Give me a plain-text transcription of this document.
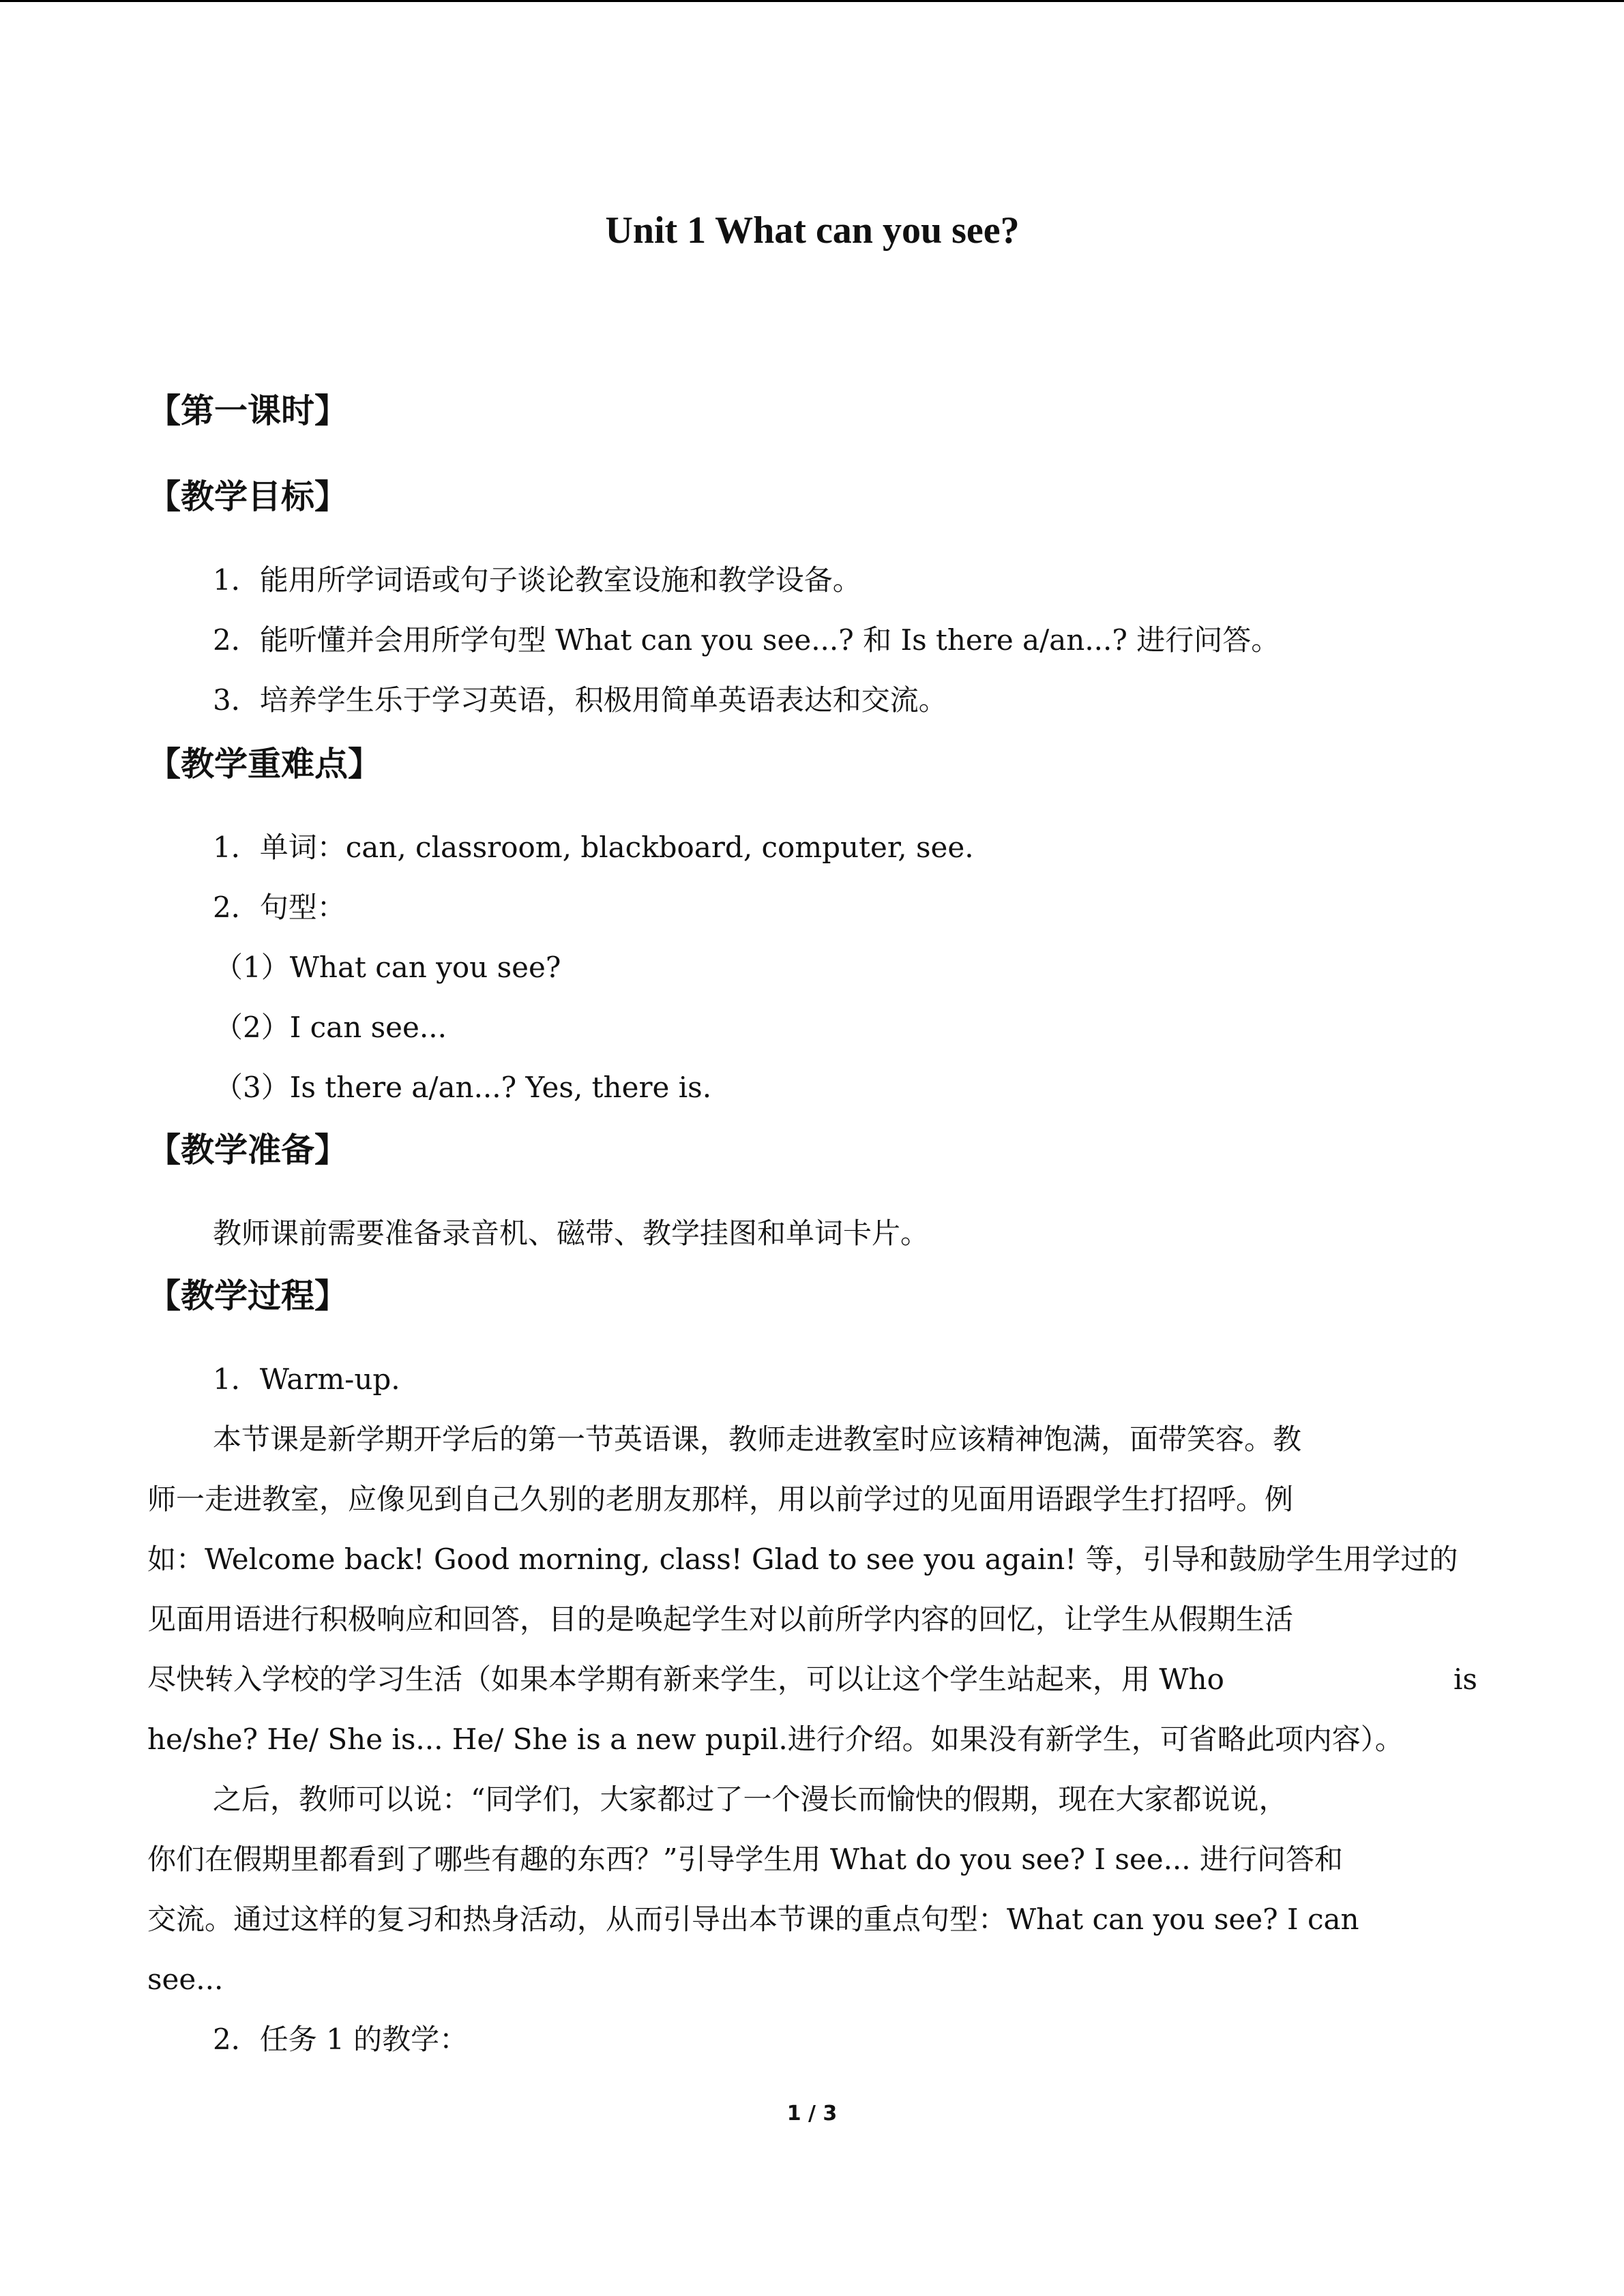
Unit 1 What can you see?
【第一课时】
【教学目标】
1．能用所学词语或句子谈论教室设施和教学设备。
2．能听懂并会用所学句型 What can you see...? 和 Is there a/an...? 进行问答。
3．培养学生乐于学习英语，积极用简单英语表达和交流。
【教学重难点】
1．单词：can, classroom, blackboard, computer, see.
2．句型：
（1）What can you see?
（2）I can see...
（3）Is there a/an...? Yes, there is.
【教学准备】
教师课前需要准备录音机、磁带、教学挂图和单词卡片。
【教学过程】
1．Warm-up.
本节课是新学期开学后的第一节英语课，教师走进教室时应该精神饱满，面带笑容。教
师一走进教室，应像见到自己久别的老朋友那样，用以前学过的见面用语跟学生打招呼。例
如：Welcome back! Good morning, class! Glad to see you again! 等，引导和鼓励学生用学过的
见面用语进行积极响应和回答，目的是唤起学生对以前所学内容的回忆，让学生从假期生活
尽快转入学校的学习生活（如果本学期有新来学生，可以让这个学生站起来，用 Who	is
he/she? He/ She is... He/ She is a new pupil.进行介绍。如果没有新学生，可省略此项内容）。
之后，教师可以说：“同学们，大家都过了一个漫长而愉快的假期，现在大家都说说，
你们在假期里都看到了哪些有趣的东西？”引导学生用 What do you see? I see... 进行问答和
交流。通过这样的复习和热身活动，从而引导出本节课的重点句型：What can you see? I can
see...
2．任务 1 的教学：
1 / 3
